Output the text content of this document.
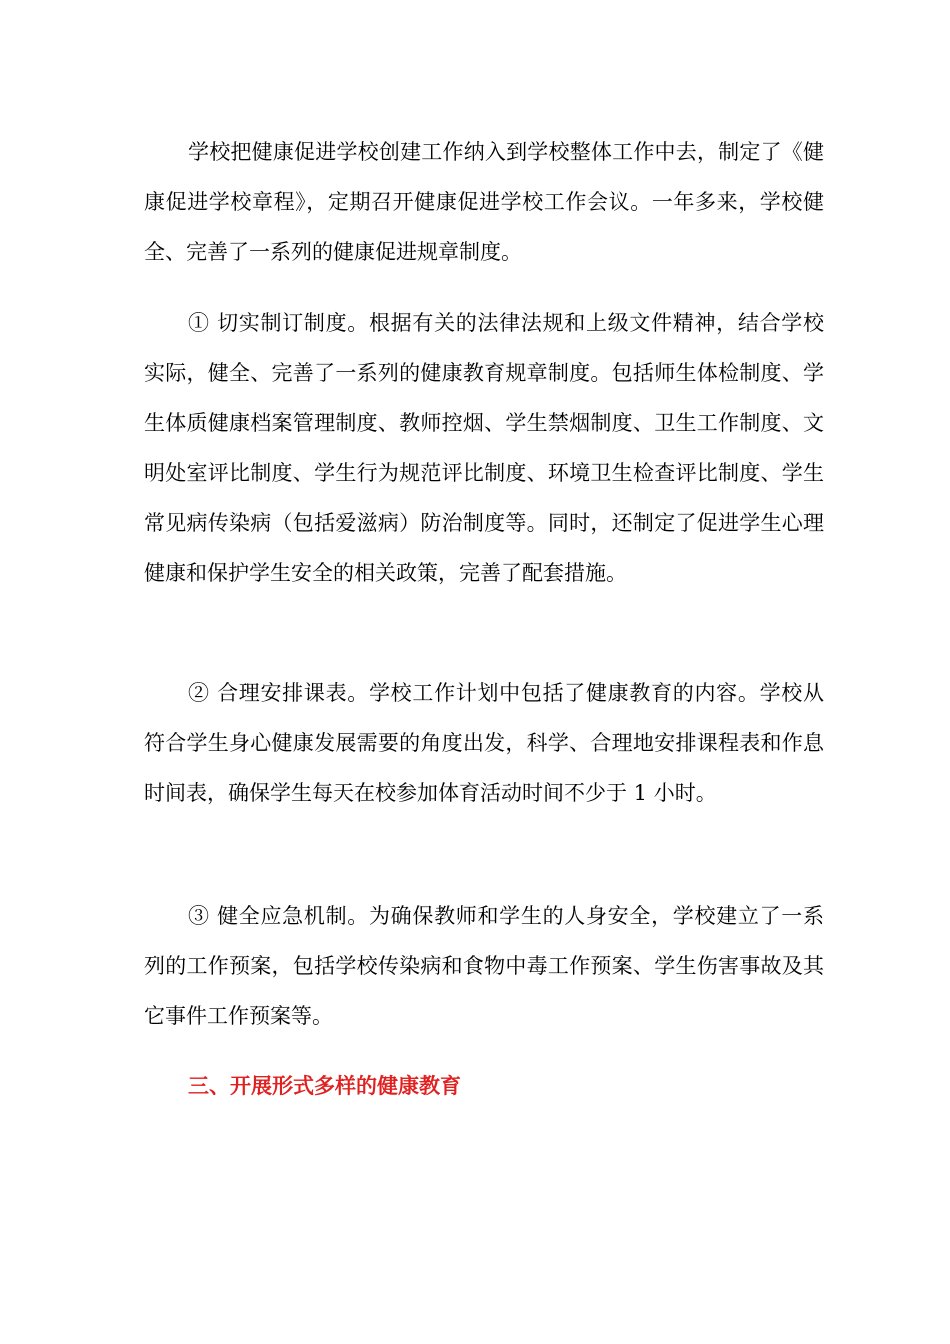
学校把健康促进学校创建工作纳入到学校整体工作中去，制定了《健康促进学校章程》，定期召开健康促进学校工作会议。一年多来，学校健全、完善了一系列的健康促进规章制度。

① 切实制订制度。根据有关的法律法规和上级文件精神，结合学校实际，健全、完善了一系列的健康教育规章制度。包括师生体检制度、学生体质健康档案管理制度、教师控烟、学生禁烟制度、卫生工作制度、文明处室评比制度、学生行为规范评比制度、环境卫生检查评比制度、学生常见病传染病（包括爱滋病）防治制度等。同时，还制定了促进学生心理健康和保护学生安全的相关政策，完善了配套措施。

② 合理安排课表。学校工作计划中包括了健康教育的内容。学校从符合学生身心健康发展需要的角度出发，科学、合理地安排课程表和作息时间表，确保学生每天在校参加体育活动时间不少于 1 小时。

③ 健全应急机制。为确保教师和学生的人身安全，学校建立了一系列的工作预案，包括学校传染病和食物中毒工作预案、学生伤害事故及其它事件工作预案等。

三、开展形式多样的健康教育
